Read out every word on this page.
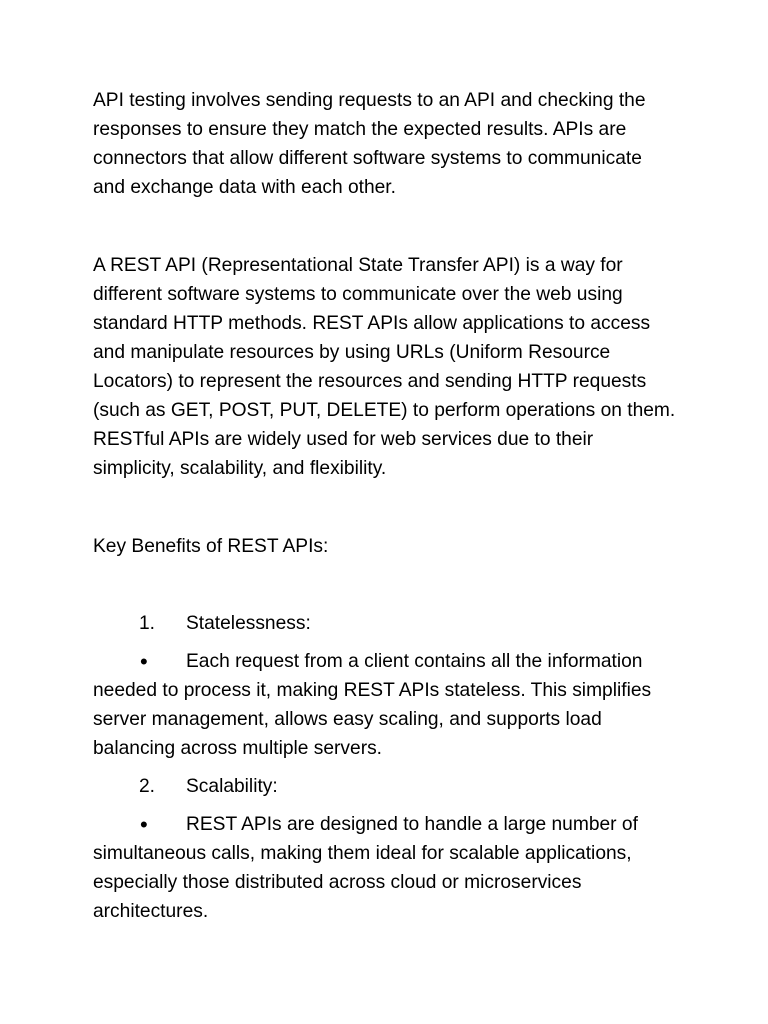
API testing involves sending requests to an API and checking the responses to ensure they match the expected results. APIs are connectors that allow different software systems to communicate and exchange data with each other.

A REST API (Representational State Transfer API) is a way for different software systems to communicate over the web using standard HTTP methods. REST APIs allow applications to access and manipulate resources by using URLs (Uniform Resource Locators) to represent the resources and sending HTTP requests (such as GET, POST, PUT, DELETE) to perform operations on them. RESTful APIs are widely used for web services due to their simplicity, scalability, and flexibility.

Key Benefits of REST APIs:

1. Statelessness:

• Each request from a client contains all the information needed to process it, making REST APIs stateless. This simplifies server management, allows easy scaling, and supports load balancing across multiple servers.

2. Scalability:

• REST APIs are designed to handle a large number of simultaneous calls, making them ideal for scalable applications, especially those distributed across cloud or microservices architectures.
